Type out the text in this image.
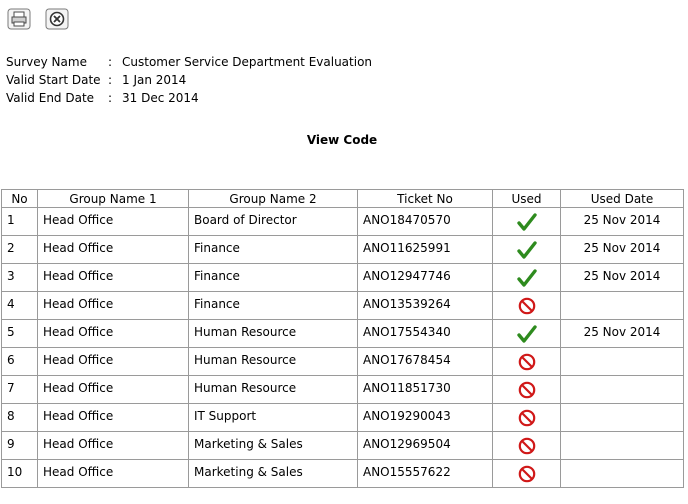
Survey Name	: Customer Service Department Evaluation
Valid Start Date : 1 Jan 2014
Valid End Date	: 31 Dec 2014
View Code
No	Group Name 1	Group Name 2	Ticket No	Used	Used Date
1	Head Office	Board of Director	ANO18470570		25 Nov 2014
2	Head Office	Finance	ANO11625991		25 Nov 2014
3	Head Office	Finance	ANO12947746		25 Nov 2014
4	Head Office	Finance	ANO13539264		
5	Head Office	Human Resource	ANO17554340		25 Nov 2014
6	Head Office	Human Resource	ANO17678454		
7	Head Office	Human Resource	ANO11851730		
8	Head Office	IT Support	ANO19290043		
9	Head Office	Marketing & Sales	ANO12969504		
10	Head Office	Marketing & Sales	ANO15557622		
